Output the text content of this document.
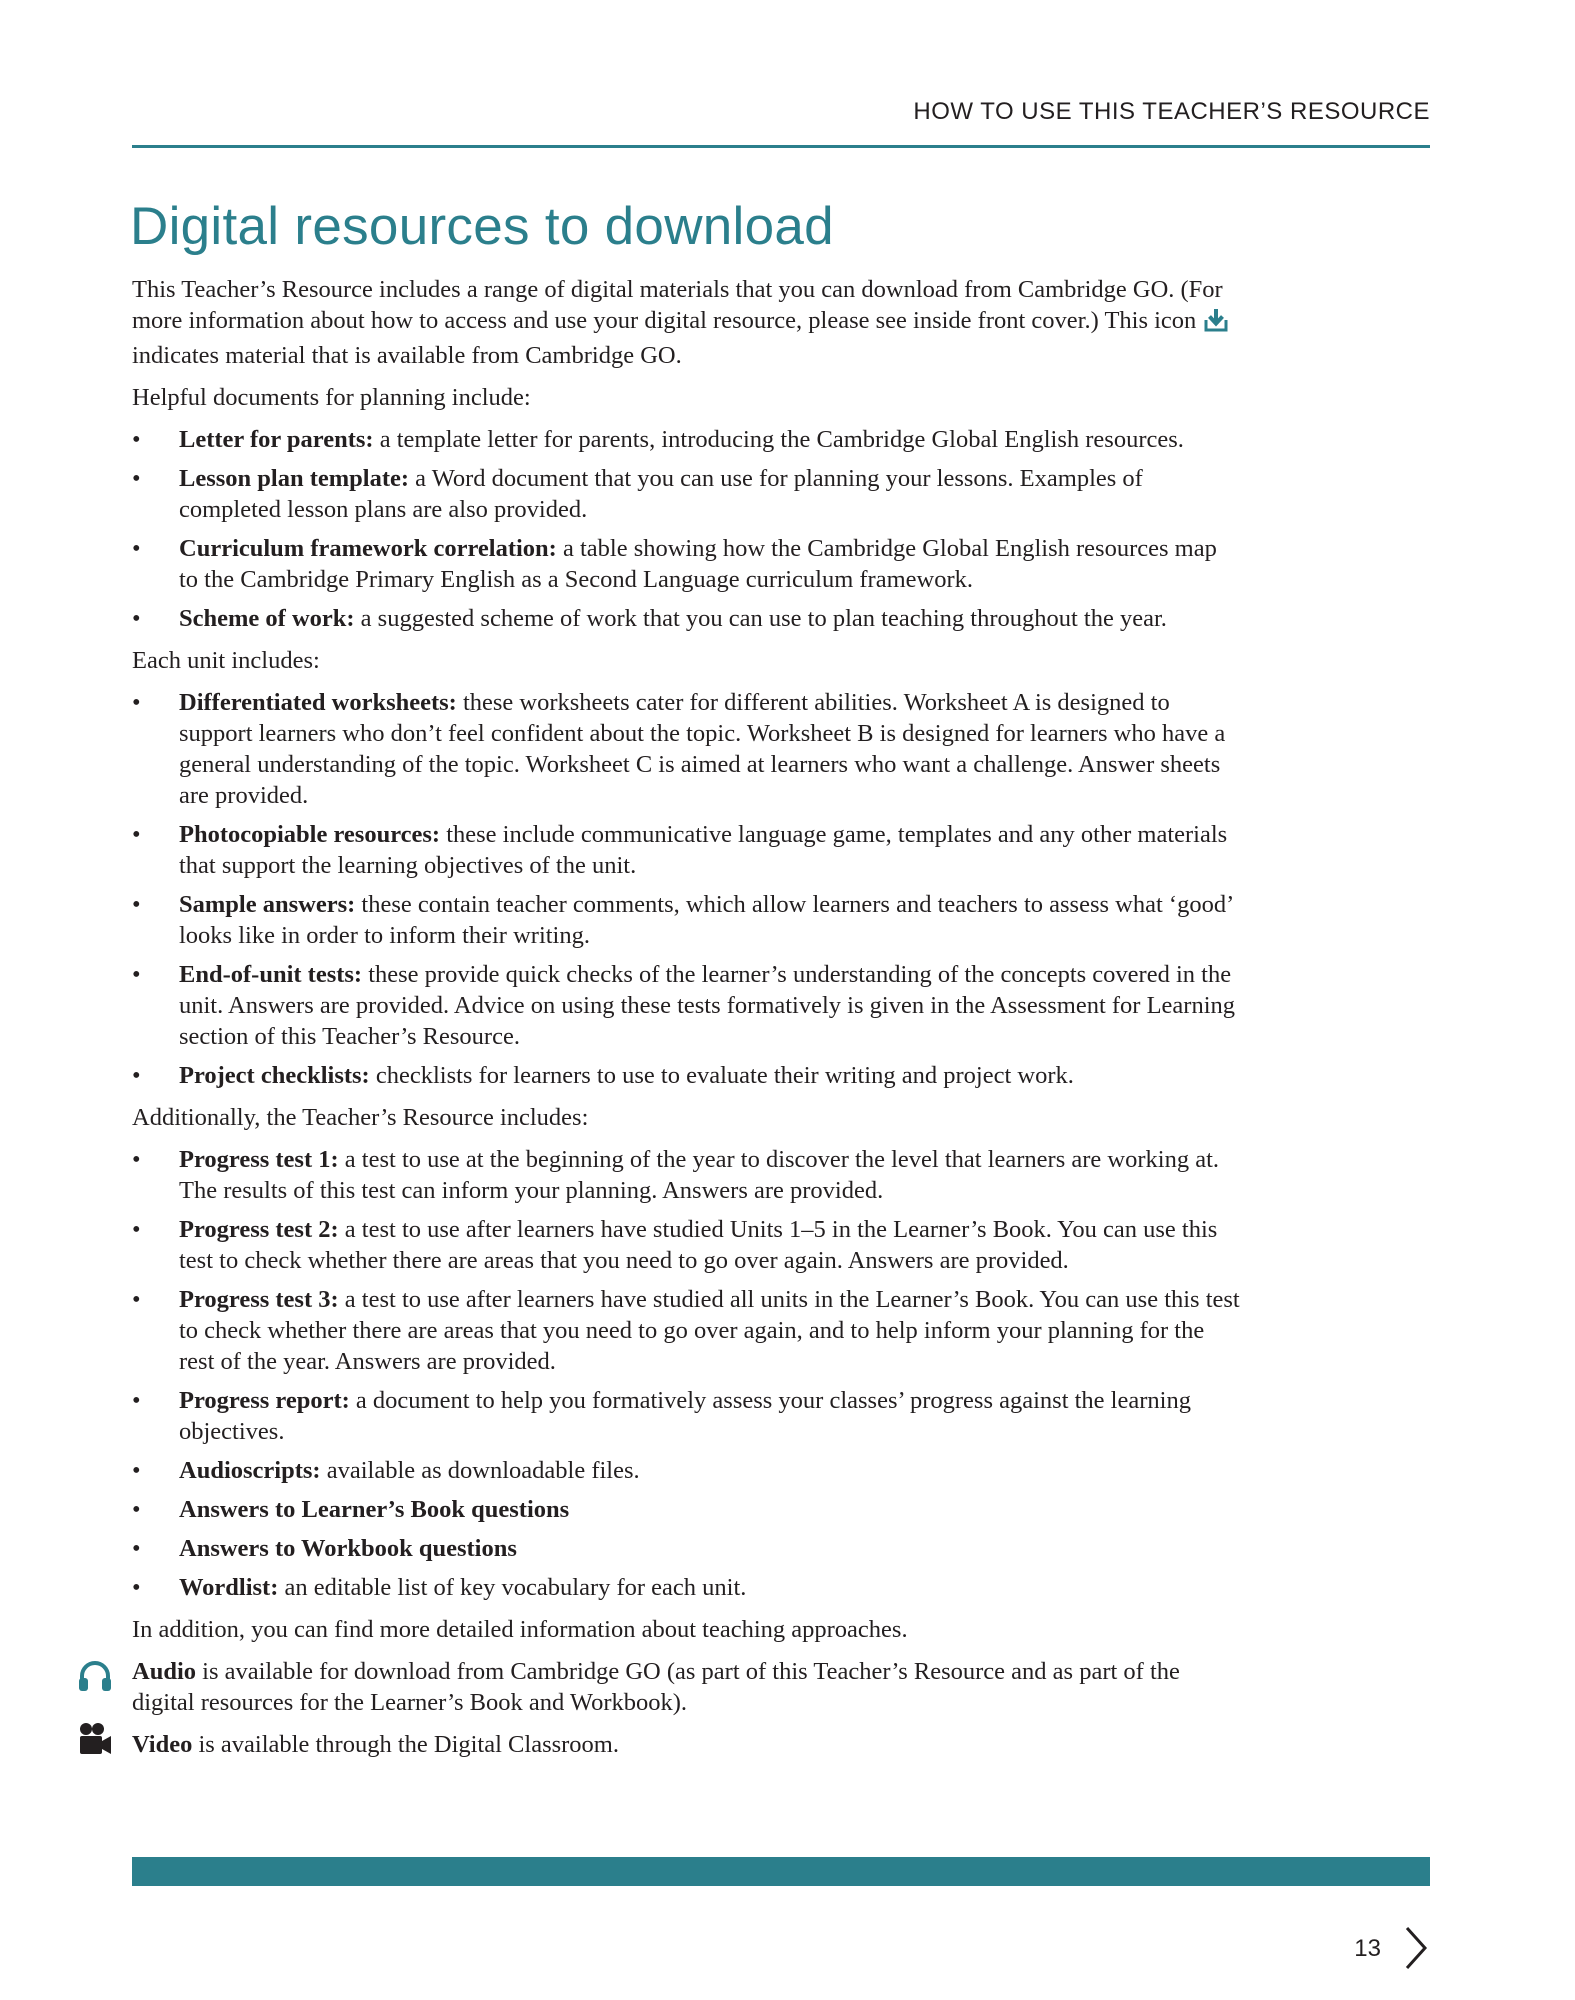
HOW TO USE THIS TEACHER’S RESOURCE
Digital resources to download

This Teacher’s Resource includes a range of digital materials that you can download from Cambridge GO. (For more information about how to access and use your digital resource, please see inside front cover.) This icon  indicates material that is available from Cambridge GO.

Helpful documents for planning include:

• Letter for parents: a template letter for parents, introducing the Cambridge Global English resources.
• Lesson plan template: a Word document that you can use for planning your lessons. Examples of completed lesson plans are also provided.
• Curriculum framework correlation: a table showing how the Cambridge Global English resources map to the Cambridge Primary English as a Second Language curriculum framework.
• Scheme of work: a suggested scheme of work that you can use to plan teaching throughout the year.

Each unit includes:

• Differentiated worksheets: these worksheets cater for different abilities. Worksheet A is designed to support learners who don’t feel confident about the topic. Worksheet B is designed for learners who have a general understanding of the topic. Worksheet C is aimed at learners who want a challenge. Answer sheets are provided.
• Photocopiable resources: these include communicative language game, templates and any other materials that support the learning objectives of the unit.
• Sample answers: these contain teacher comments, which allow learners and teachers to assess what ‘good’ looks like in order to inform their writing.
• End-of-unit tests: these provide quick checks of the learner’s understanding of the concepts covered in the unit. Answers are provided. Advice on using these tests formatively is given in the Assessment for Learning section of this Teacher’s Resource.
• Project checklists: checklists for learners to use to evaluate their writing and project work.

Additionally, the Teacher’s Resource includes:

• Progress test 1: a test to use at the beginning of the year to discover the level that learners are working at. The results of this test can inform your planning. Answers are provided.
• Progress test 2: a test to use after learners have studied Units 1–5 in the Learner’s Book. You can use this test to check whether there are areas that you need to go over again. Answers are provided.
• Progress test 3: a test to use after learners have studied all units in the Learner’s Book. You can use this test to check whether there are areas that you need to go over again, and to help inform your planning for the rest of the year. Answers are provided.
• Progress report: a document to help you formatively assess your classes’ progress against the learning objectives.
• Audioscripts: available as downloadable files.
• Answers to Learner’s Book questions
• Answers to Workbook questions
• Wordlist: an editable list of key vocabulary for each unit.

In addition, you can find more detailed information about teaching approaches.

Audio is available for download from Cambridge GO (as part of this Teacher’s Resource and as part of the digital resources for the Learner’s Book and Workbook).

Video is available through the Digital Classroom.

13
